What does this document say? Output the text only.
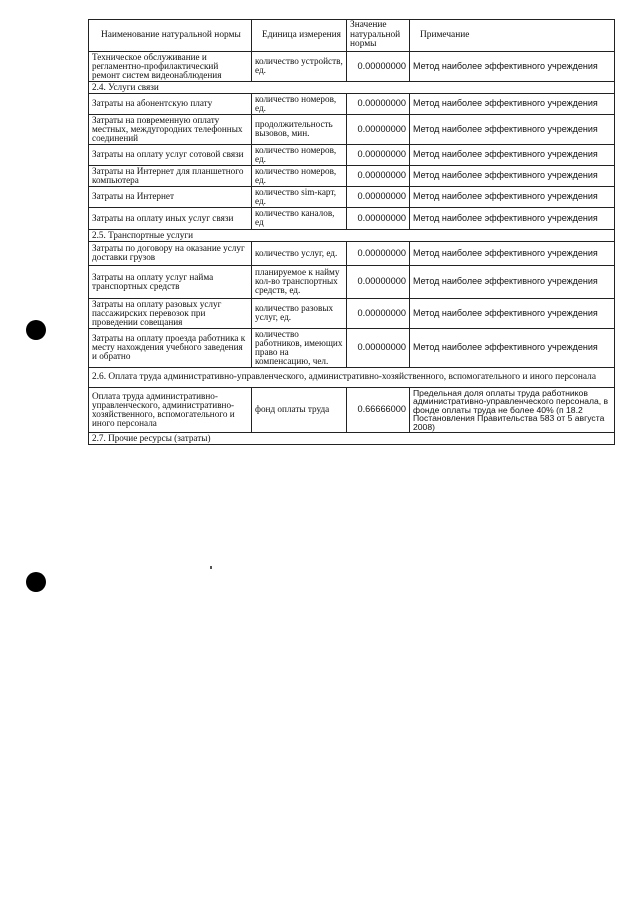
Наименование натуральной нормы	Единица измерения	Значение натуральной нормы	Примечание
Техническое обслуживание и регламентно-профилактический ремонт систем видеонаблюдения	количество устройств, ед.	0.00000000	Метод наиболее эффективного учреждения
2.4. Услуги связи			
Затраты на абонентскую плату	количество номеров, ед.	0.00000000	Метод наиболее эффективного учреждения
Затраты на повременную оплату местных, междугородних телефонных соединений	продолжительность вызовов, мин.	0.00000000	Метод наиболее эффективного учреждения
Затраты на оплату услуг сотовой связи	количество номеров, ед.	0.00000000	Метод наиболее эффективного учреждения
Затраты на Интернет для планшетного компьютера	количество номеров, ед.	0.00000000	Метод наиболее эффективного учреждения
Затраты на Интернет	количество sim-карт, ед.	0.00000000	Метод наиболее эффективного учреждения
Затраты на оплату иных услуг связи	количество каналов, ед	0.00000000	Метод наиболее эффективного учреждения
2.5. Транспортные услуги			
Затраты по договору на оказание услуг доставки грузов	количество услуг, ед.	0.00000000	Метод наиболее эффективного учреждения
Затраты на оплату услуг найма транспортных средств	планируемое к найму кол-во транспортных средств, ед.	0.00000000	Метод наиболее эффективного учреждения
Затраты на оплату разовых услуг пассажирских перевозок при проведении совещания	количество разовых услуг, ед.	0.00000000	Метод наиболее эффективного учреждения
Затраты на оплату проезда работника к месту нахождения учебного заведения и обратно	количество работников, имеющих право на компенсацию, чел.	0.00000000	Метод наиболее эффективного учреждения
2.6. Оплата труда административно-управленческого, административно-хозяйственного, вспомогательного и иного персонала			
Оплата труда административно-управленческого, административно-хозяйственного, вспомогательного и иного персонала	фонд оплаты труда	0.66666000	Предельная доля оплаты труда работников административно-управленческого персонала, в фонде оплаты труда не более 40% (п 18.2 Постановления Правительства 583 от 5 августа 2008)
2.7. Прочие ресурсы (затраты)			
